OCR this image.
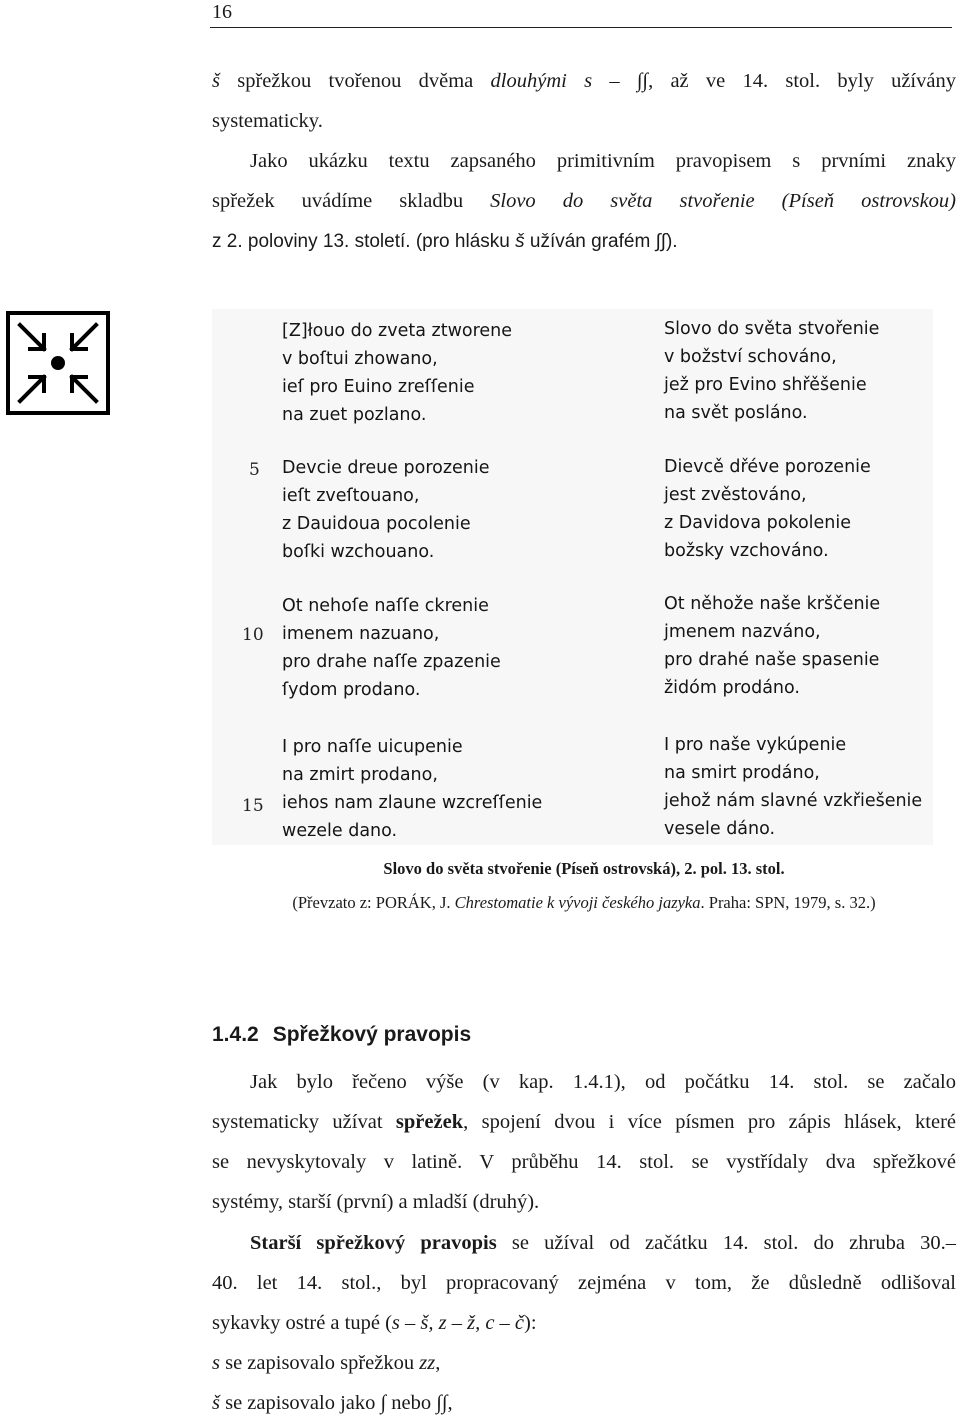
16
š spřežkou tvořenou dvěma dlouhými s – ∫∫, až ve 14. stol. byly užívány
systematicky.
Jako ukázku textu zapsaného primitivním pravopisem s prvními znaky
spřežek uvádíme skladbu Slovo do světa stvořenie (Píseň ostrovskou)
z 2. poloviny 13. století. (pro hlásku š užíván grafém ∫∫).
5
10
15
[Z]łouo do zveta ztworene
v boſtui zhowano,
ieſ pro Euino zreſſenie
na zuet pozlano.
Devcie dreue porozenie
ieſt zveſtouano,
z Dauidoua pocolenie
boſki wzchouano.
Ot nehoſe naſſe ckrenie
imenem nazuano,
pro drahe naſſe zpazenie
ſydom prodano.
I pro naſſe uicupenie
na zmirt prodano,
iehos nam zlaune wzcreſſenie
wezele dano.
Slovo do světa stvořenie
v božství schováno,
jež pro Evino shřěšenie
na svět posláno.
Dievcě dřéve porozenie
jest zvěstováno,
z Davidova pokolenie
božsky vzchováno.
Ot něhože naše krščenie
jmenem nazváno,
pro drahé naše spasenie
židóm prodáno.
I pro naše vykúpenie
na smirt prodáno,
jehož nám slavné vzkřiešenie
vesele dáno.
Slovo do světa stvořenie (Píseň ostrovská), 2. pol. 13. stol.
(Převzato z: PORÁK, J. Chrestomatie k vývoji českého jazyka. Praha: SPN, 1979, s. 32.)
1.4.2 Spřežkový pravopis
Jak bylo řečeno výše (v kap. 1.4.1), od počátku 14. stol. se začalo
systematicky užívat spřežek, spojení dvou i více písmen pro zápis hlásek, které
se nevyskytovaly v latině. V průběhu 14. stol. se vystřídaly dva spřežkové
systémy, starší (první) a mladší (druhý).
Starší spřežkový pravopis se užíval od začátku 14. stol. do zhruba 30.–
40. let 14. stol., byl propracovaný zejména v tom, že důsledně odlišoval
sykavky ostré a tupé (s – š, z – ž, c – č):
s se zapisovalo spřežkou zz,
š se zapisovalo jako ∫ nebo ∫∫,
